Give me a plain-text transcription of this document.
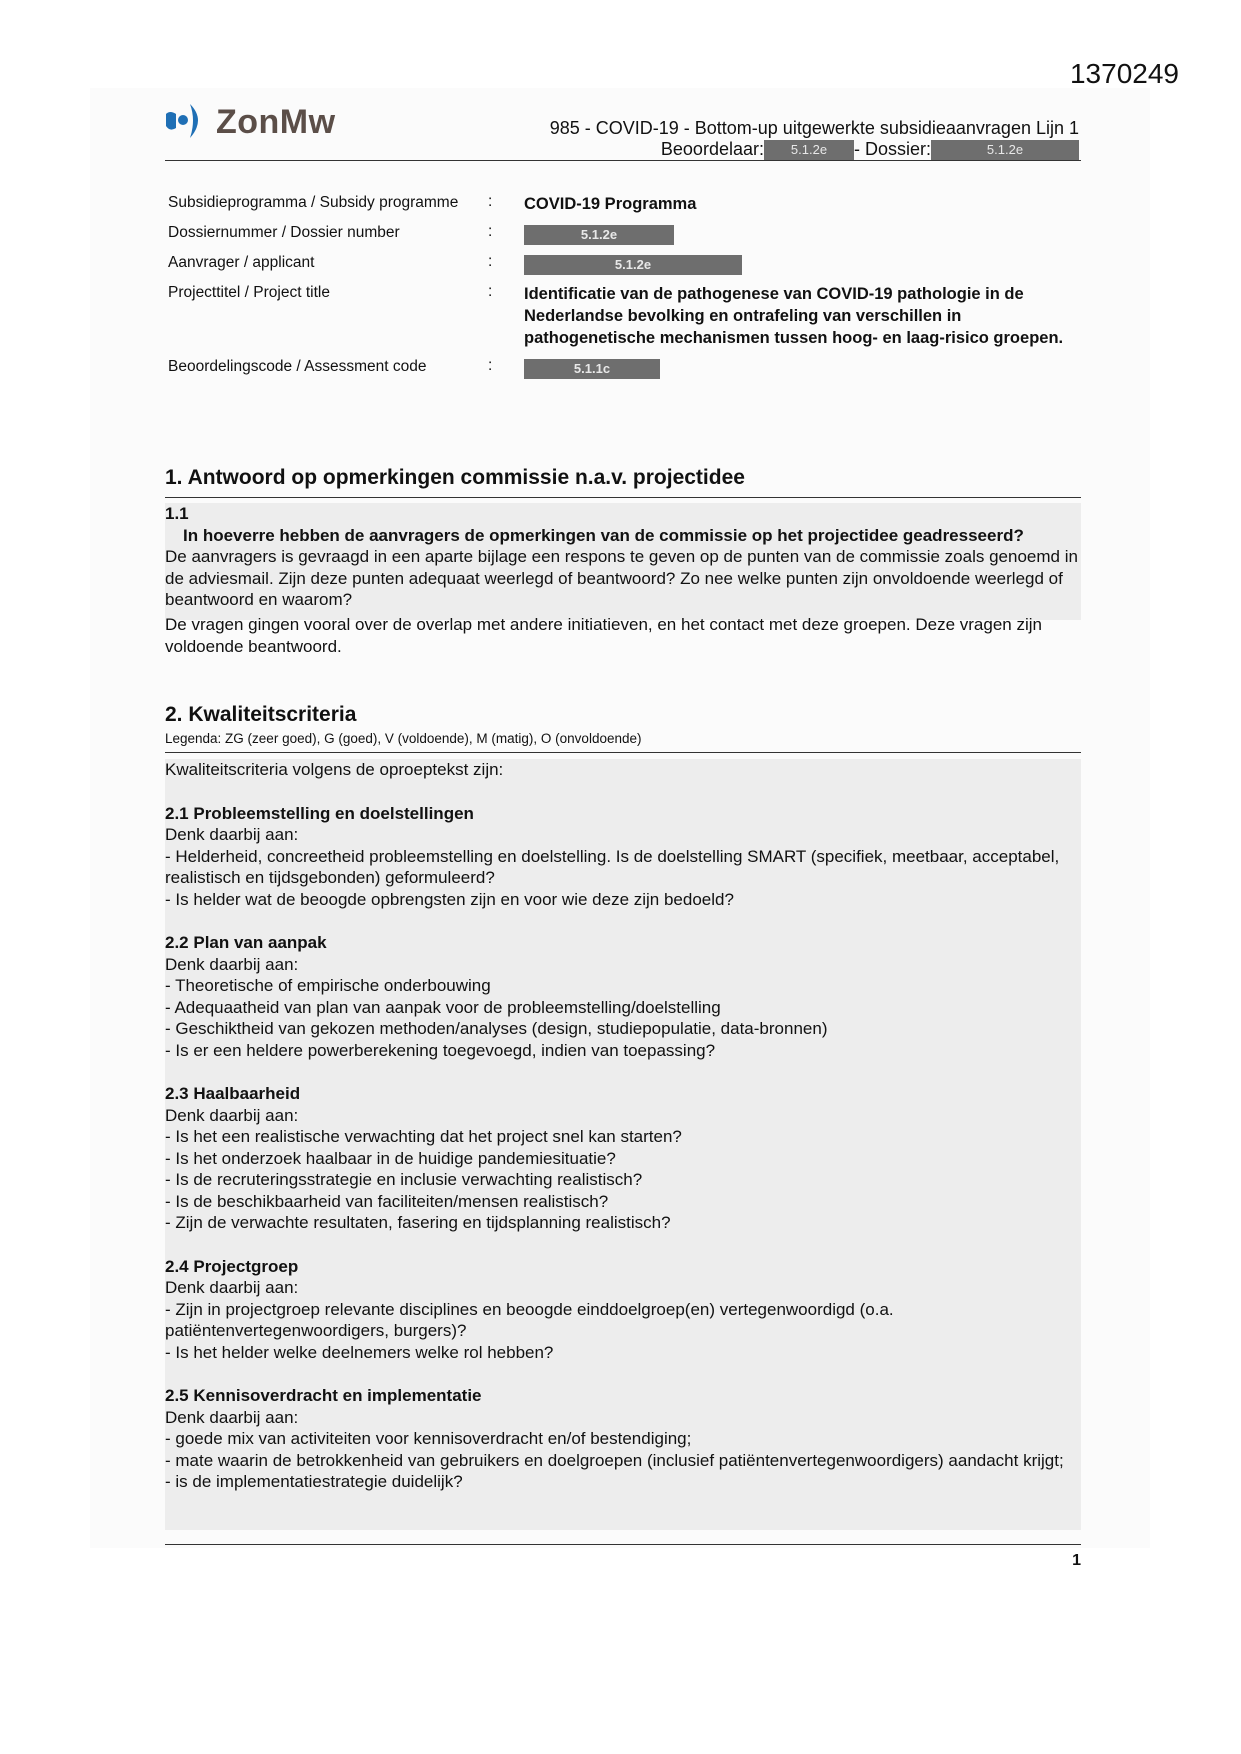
1370249
ZonMw	985 - COVID-19 - Bottom-up uitgewerkte subsidieaanvragen Lijn 1
Beoordelaar: 5.1.2e - Dossier:	5.1.2e
Subsidieprogramma / Subsidy programme	:	COVID-19 Programma
Dossiernummer / Dossier number	:	5.1.2e
Aanvrager / applicant	:	5.1.2e
Projecttitel / Project title	:	Identificatie van de pathogenese van COVID-19 pathologie in de Nederlandse bevolking en ontrafeling van verschillen in pathogenetische mechanismen tussen hoog- en laag-risico groepen.
Beoordelingscode / Assessment code	:	5.1.1c
1. Antwoord op opmerkingen commissie n.a.v. projectidee
1.1
In hoeverre hebben de aanvragers de opmerkingen van de commissie op het projectidee geadresseerd?
De aanvragers is gevraagd in een aparte bijlage een respons te geven op de punten van de commissie zoals genoemd in de adviesmail. Zijn deze punten adequaat weerlegd of beantwoord? Zo nee welke punten zijn onvoldoende weerlegd of beantwoord en waarom?
De vragen gingen vooral over de overlap met andere initiatieven, en het contact met deze groepen. Deze vragen zijn voldoende beantwoord.
2. Kwaliteitscriteria
Legenda: ZG (zeer goed), G (goed), V (voldoende), M (matig), O (onvoldoende)
Kwaliteitscriteria volgens de oproeptekst zijn:
2.1 Probleemstelling en doelstellingen
Denk daarbij aan:
- Helderheid, concreetheid probleemstelling en doelstelling. Is de doelstelling SMART (specifiek, meetbaar, acceptabel, realistisch en tijdsgebonden) geformuleerd?
- Is helder wat de beoogde opbrengsten zijn en voor wie deze zijn bedoeld?
2.2 Plan van aanpak
Denk daarbij aan:
- Theoretische of empirische onderbouwing
- Adequaatheid van plan van aanpak voor de probleemstelling/doelstelling
- Geschiktheid van gekozen methoden/analyses (design, studiepopulatie, data-bronnen)
- Is er een heldere powerberekening toegevoegd, indien van toepassing?
2.3 Haalbaarheid
Denk daarbij aan:
- Is het een realistische verwachting dat het project snel kan starten?
- Is het onderzoek haalbaar in de huidige pandemiesituatie?
- Is de recruteringsstrategie en inclusie verwachting realistisch?
- Is de beschikbaarheid van faciliteiten/mensen realistisch?
- Zijn de verwachte resultaten, fasering en tijdsplanning realistisch?
2.4 Projectgroep
Denk daarbij aan:
- Zijn in projectgroep relevante disciplines en beoogde einddoelgroep(en) vertegenwoordigd (o.a. patiëntenvertegenwoordigers, burgers)?
- Is het helder welke deelnemers welke rol hebben?
2.5 Kennisoverdracht en implementatie
Denk daarbij aan:
- goede mix van activiteiten voor kennisoverdracht en/of bestendiging;
- mate waarin de betrokkenheid van gebruikers en doelgroepen (inclusief patiëntenvertegenwoordigers) aandacht krijgt;
- is de implementatiestrategie duidelijk?
1
